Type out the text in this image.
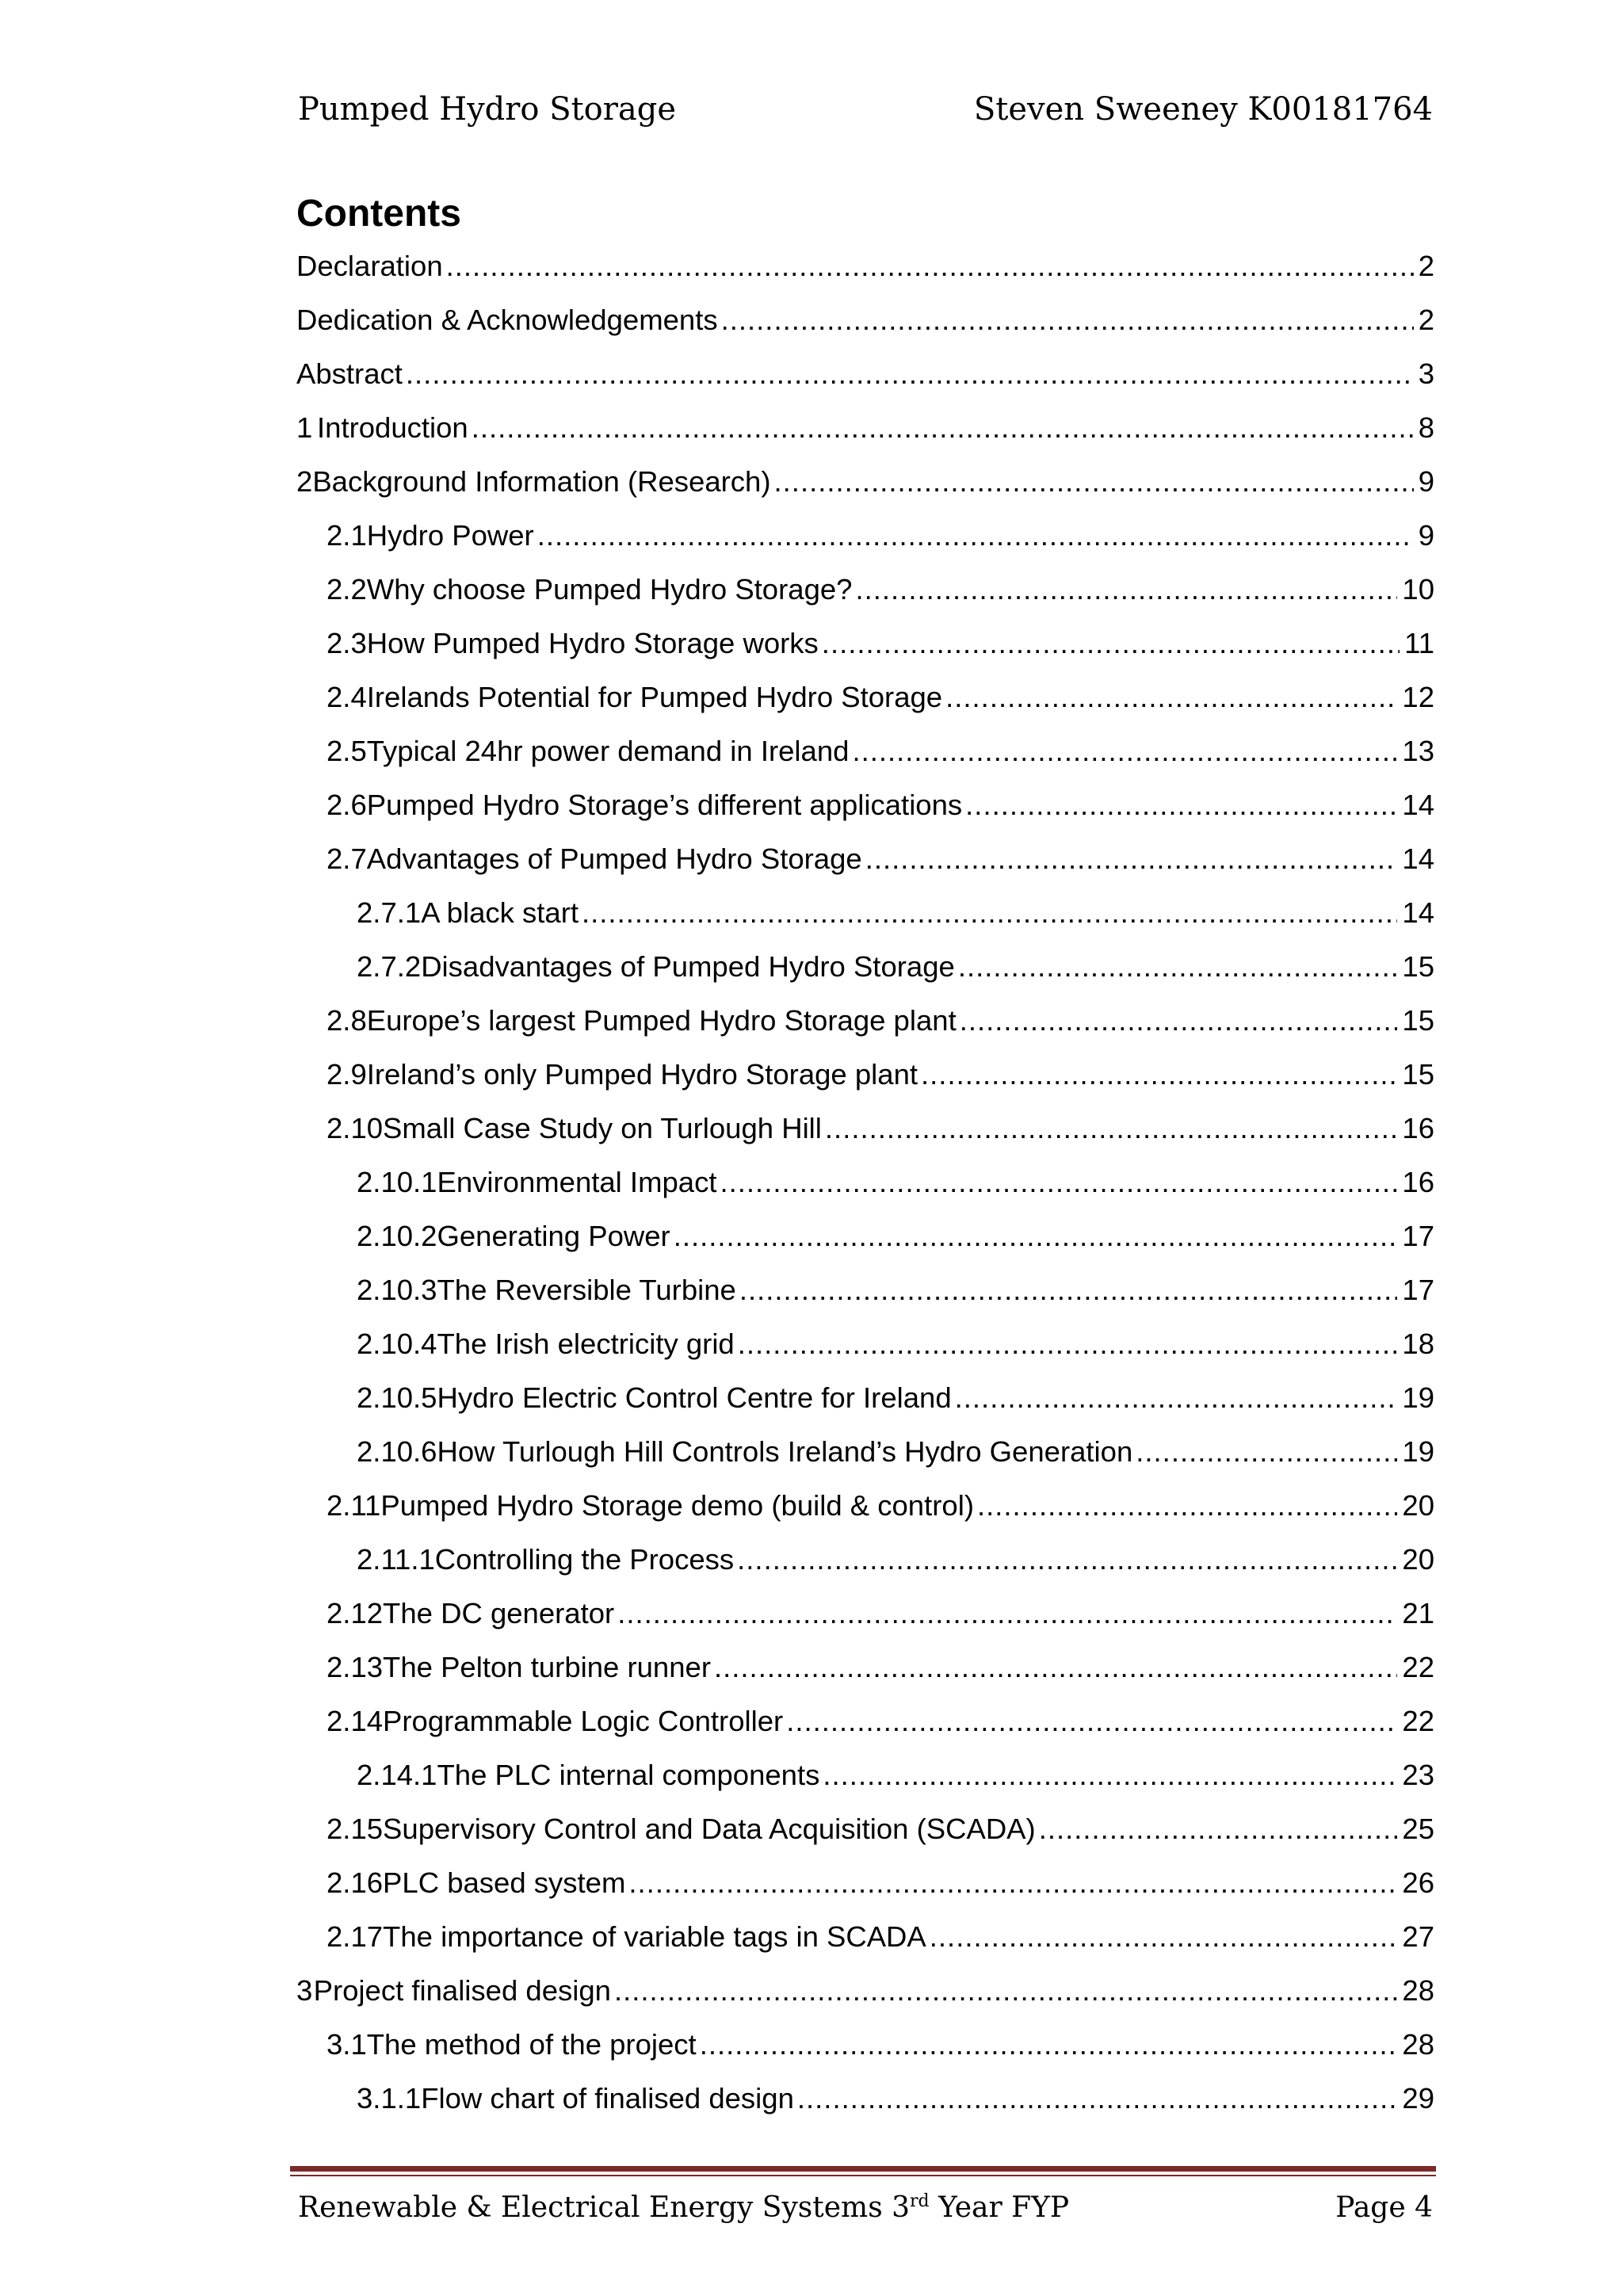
Pumped Hydro Storage	Steven Sweeney K00181764
Contents
Declaration .....	2
Dedication & Acknowledgements .....	2
Abstract .....	3
1 Introduction .....	8
2 Background Information (Research) .....	9
2.1 Hydro Power .....	9
2.2 Why choose Pumped Hydro Storage? .....	10
2.3 How Pumped Hydro Storage works .....	11
2.4 Irelands Potential for Pumped Hydro Storage .....	12
2.5 Typical 24hr power demand in Ireland .....	13
2.6 Pumped Hydro Storage’s different applications .....	14
2.7 Advantages of Pumped Hydro Storage .....	14
2.7.1 A black start .....	14
2.7.2 Disadvantages of Pumped Hydro Storage .....	15
2.8 Europe’s largest Pumped Hydro Storage plant .....	15
2.9 Ireland’s only Pumped Hydro Storage plant .....	15
2.10 Small Case Study on Turlough Hill .....	16
2.10.1 Environmental Impact .....	16
2.10.2 Generating Power .....	17
2.10.3 The Reversible Turbine .....	17
2.10.4 The Irish electricity grid .....	18
2.10.5 Hydro Electric Control Centre for Ireland .....	19
2.10.6 How Turlough Hill Controls Ireland’s Hydro Generation .....	19
2.11 Pumped Hydro Storage demo (build & control) .....	20
2.11.1 Controlling the Process .....	20
2.12 The DC generator .....	21
2.13 The Pelton turbine runner .....	22
2.14 Programmable Logic Controller .....	22
2.14.1 The PLC internal components .....	23
2.15 Supervisory Control and Data Acquisition (SCADA) .....	25
2.16 PLC based system .....	26
2.17 The importance of variable tags in SCADA .....	27
3 Project finalised design .....	28
3.1 The method of the project .....	28
3.1.1 Flow chart of finalised design .....	29
Renewable & Electrical Energy Systems 3rd Year FYP	Page 4
